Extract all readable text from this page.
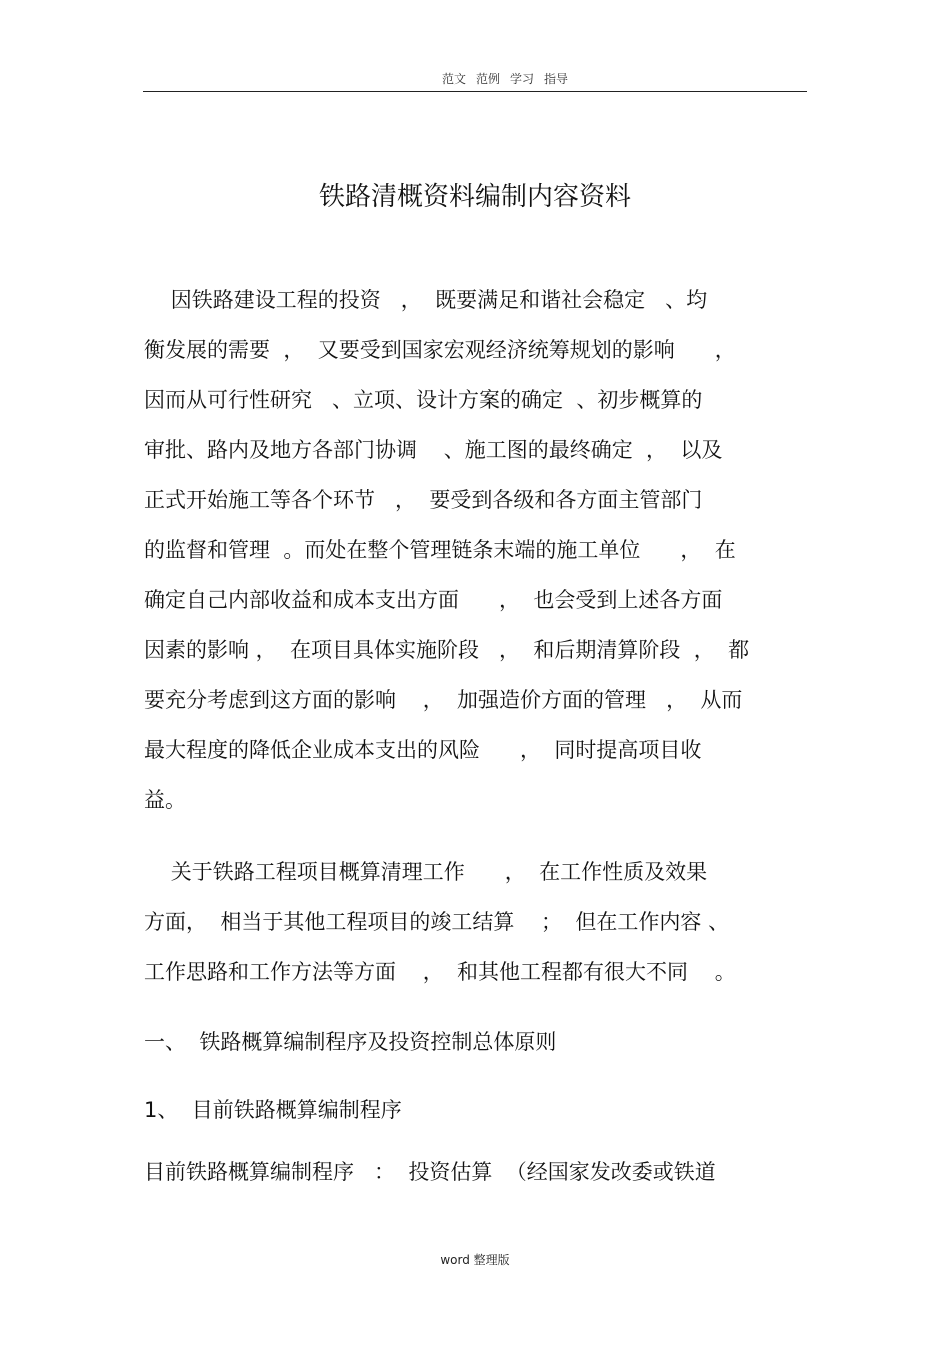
范文 范例 学习 指导
铁路清概资料编制内容资料
因铁路建设工程的投资   ，  既要满足和谐社会稳定   、均
衡发展的需要  ，  又要受到国家宏观经济统筹规划的影响      ，
因而从可行性研究   、立项、设计方案的确定  、初步概算的
审批、路内及地方各部门协调    、施工图的最终确定  ，  以及
正式开始施工等各个环节   ，  要受到各级和各方面主管部门
的监督和管理  。而处在整个管理链条末端的施工单位      ，  在
确定自己内部收益和成本支出方面      ，  也会受到上述各方面
因素的影响 ，  在项目具体实施阶段   ，  和后期清算阶段  ，  都
要充分考虑到这方面的影响    ，  加强造价方面的管理   ，  从而
最大程度的降低企业成本支出的风险      ，  同时提高项目收
益。
关于铁路工程项目概算清理工作      ，  在工作性质及效果
方面，  相当于其他工程项目的竣工结算    ；  但在工作内容 、
工作思路和工作方法等方面    ，  和其他工程都有很大不同    。
一、  铁路概算编制程序及投资控制总体原则
1、  目前铁路概算编制程序
目前铁路概算编制程序   ：  投资估算  （经国家发改委或铁道
word 整理版
